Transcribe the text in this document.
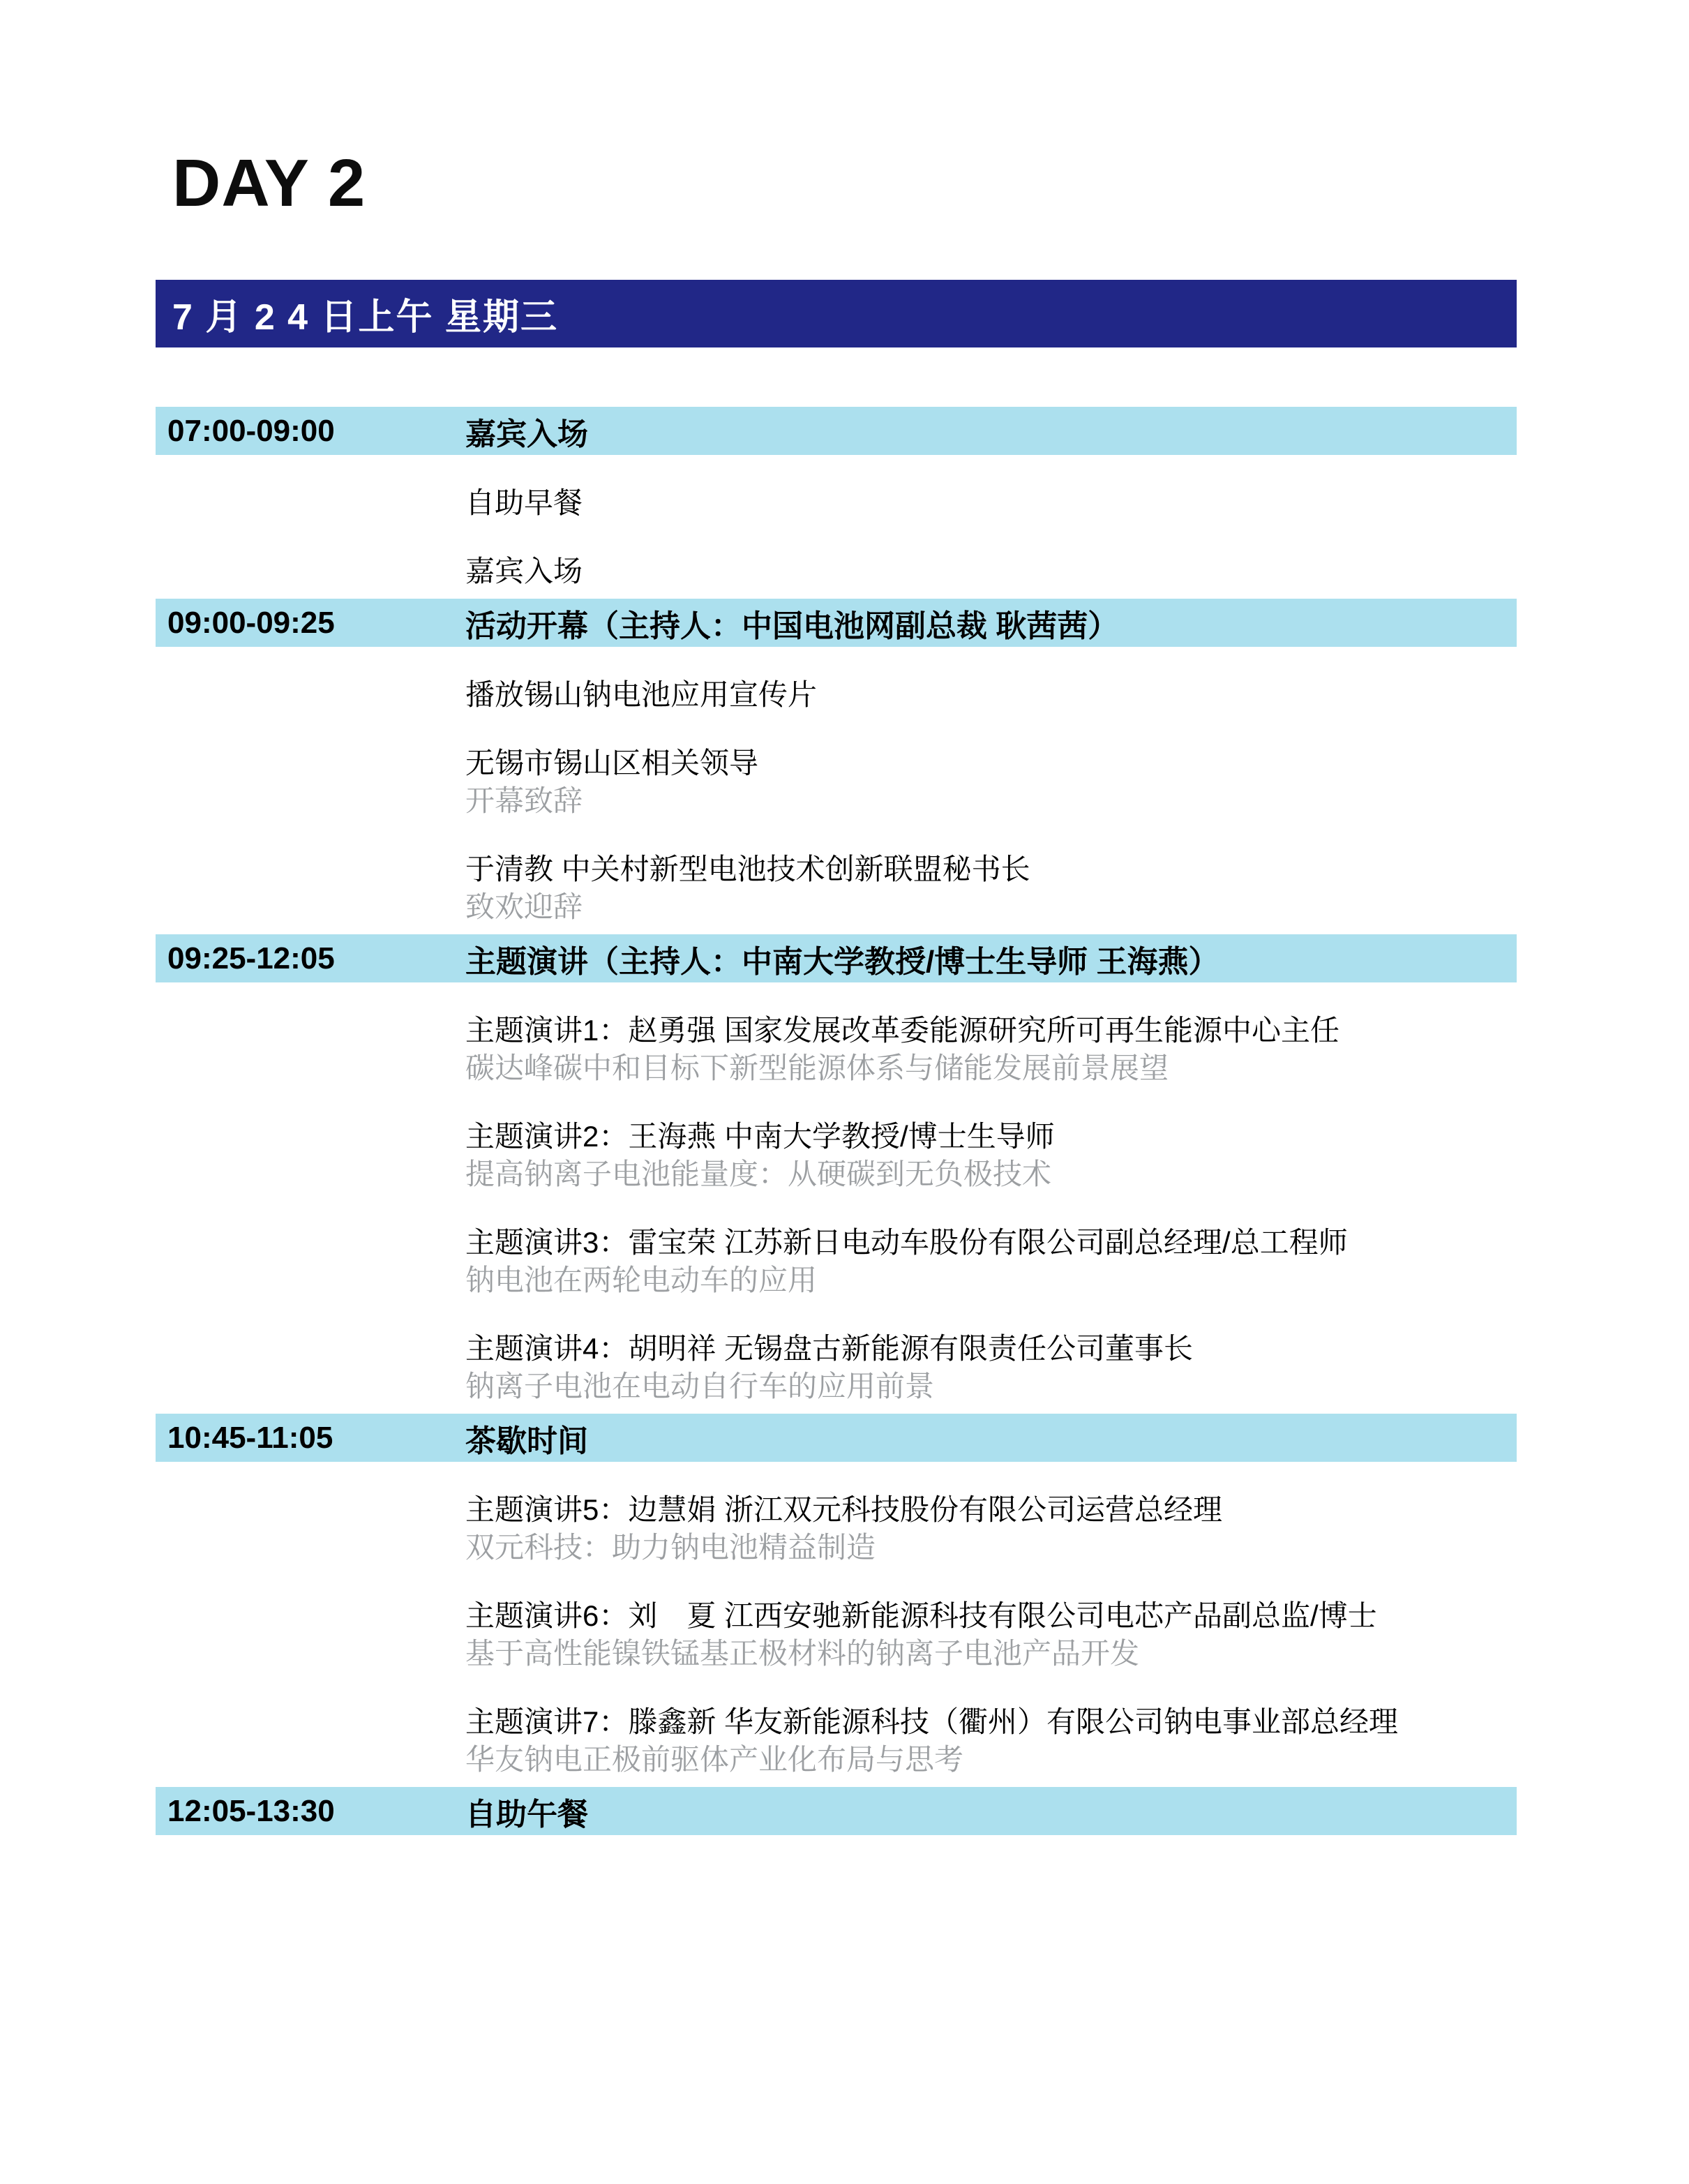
DAY 2
7 月 2 4 日上午 星期三
07:00-09:00	嘉宾入场
自助早餐
嘉宾入场
09:00-09:25	活动开幕（主持人：中国电池网副总裁 耿茜茜）
播放锡山钠电池应用宣传片
无锡市锡山区相关领导
开幕致辞
于清教 中关村新型电池技术创新联盟秘书长
致欢迎辞
09:25-12:05	主题演讲（主持人：中南大学教授/博士生导师 王海燕）
主题演讲1：赵勇强 国家发展改革委能源研究所可再生能源中心主任
碳达峰碳中和目标下新型能源体系与储能发展前景展望
主题演讲2：王海燕 中南大学教授/博士生导师
提高钠离子电池能量度：从硬碳到无负极技术
主题演讲3：雷宝荣 江苏新日电动车股份有限公司副总经理/总工程师
钠电池在两轮电动车的应用
主题演讲4：胡明祥 无锡盘古新能源有限责任公司董事长
钠离子电池在电动自行车的应用前景
10:45-11:05	茶歇时间
主题演讲5：边慧娟 浙江双元科技股份有限公司运营总经理
双元科技：助力钠电池精益制造
主题演讲6：刘　夏 江西安驰新能源科技有限公司电芯产品副总监/博士
基于高性能镍铁锰基正极材料的钠离子电池产品开发
主题演讲7：滕鑫新 华友新能源科技（衢州）有限公司钠电事业部总经理
华友钠电正极前驱体产业化布局与思考
12:05-13:30	自助午餐
